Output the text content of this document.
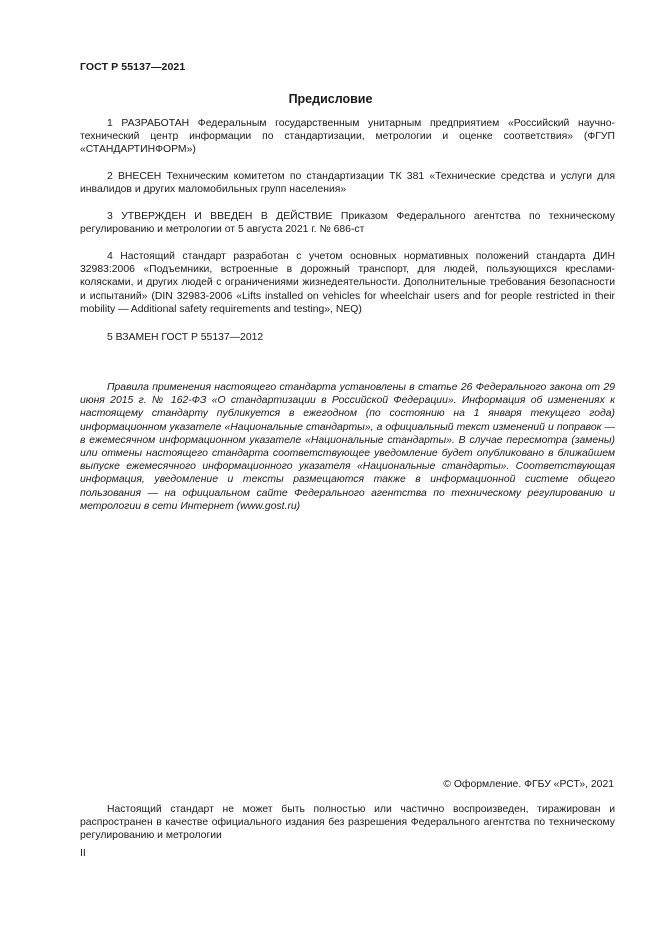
ГОСТ Р 55137—2021
Предисловие

1 РАЗРАБОТАН Федеральным государственным унитарным предприятием «Российский научно-технический центр информации по стандартизации, метрологии и оценке соответствия» (ФГУП «СТАНДАРТИНФОРМ»)

2 ВНЕСЕН Техническим комитетом по стандартизации ТК 381 «Технические средства и услуги для инвалидов и других маломобильных групп населения»

3 УТВЕРЖДЕН И ВВЕДЕН В ДЕЙСТВИЕ Приказом Федерального агентства по техническому регулированию и метрологии от 5 августа 2021 г. № 686-ст

4 Настоящий стандарт разработан с учетом основных нормативных положений стандарта ДИН 32983:2006 «Подъемники, встроенные в дорожный транспорт, для людей, пользующихся креслами-колясками, и других людей с ограничениями жизнедеятельности. Дополнительные требования безопасности и испытаний» (DIN 32983-2006 «Lifts installed on vehicles for wheelchair users and for people restricted in their mobility — Additional safety requirements and testing», NEQ)

5 ВЗАМЕН ГОСТ Р 55137—2012

Правила применения настоящего стандарта установлены в статье 26 Федерального закона от 29 июня 2015 г. № 162-ФЗ «О стандартизации в Российской Федерации». Информация об изменениях к настоящему стандарту публикуется в ежегодном (по состоянию на 1 января текущего года) информационном указателе «Национальные стандарты», а официальный текст изменений и поправок — в ежемесячном информационном указателе «Национальные стандарты». В случае пересмотра (замены) или отмены настоящего стандарта соответствующее уведомление будет опубликовано в ближайшем выпуске ежемесячного информационного указателя «Национальные стандарты». Соответствующая информация, уведомление и тексты размещаются также в информационной системе общего пользования — на официальном сайте Федерального агентства по техническому регулированию и метрологии в сети Интернет (www.gost.ru)

© Оформление. ФГБУ «РСТ», 2021

Настоящий стандарт не может быть полностью или частично воспроизведен, тиражирован и распространен в качестве официального издания без разрешения Федерального агентства по техническому регулированию и метрологии

II
